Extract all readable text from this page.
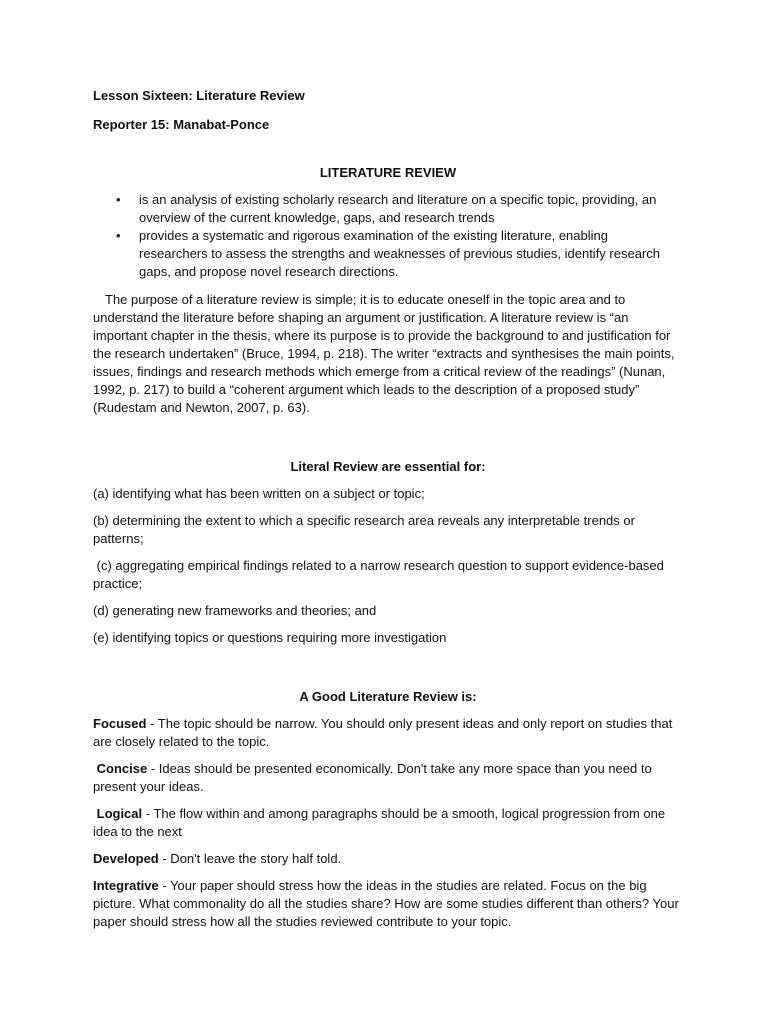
Lesson Sixteen: Literature Review
Reporter 15: Manabat-Ponce
LITERATURE REVIEW
• is an analysis of existing scholarly research and literature on a specific topic, providing, an overview of the current knowledge, gaps, and research trends
• provides a systematic and rigorous examination of the existing literature, enabling researchers to assess the strengths and weaknesses of previous studies, identify research gaps, and propose novel research directions.

The purpose of a literature review is simple; it is to educate oneself in the topic area and to understand the literature before shaping an argument or justification. A literature review is “an important chapter in the thesis, where its purpose is to provide the background to and justification for the research undertaken” (Bruce, 1994, p. 218). The writer “extracts and synthesises the main points, issues, findings and research methods which emerge from a critical review of the readings” (Nunan, 1992, p. 217) to build a “coherent argument which leads to the description of a proposed study” (Rudestam and Newton, 2007, p. 63).

Literal Review are essential for:
(a) identifying what has been written on a subject or topic;
(b) determining the extent to which a specific research area reveals any interpretable trends or patterns;
(c) aggregating empirical findings related to a narrow research question to support evidence-based practice;
(d) generating new frameworks and theories; and
(e) identifying topics or questions requiring more investigation
A Good Literature Review is:
Focused - The topic should be narrow. You should only present ideas and only report on studies that are closely related to the topic.
Concise - Ideas should be presented economically. Don't take any more space than you need to present your ideas.
Logical - The flow within and among paragraphs should be a smooth, logical progression from one idea to the next
Developed - Don't leave the story half told.
Integrative - Your paper should stress how the ideas in the studies are related. Focus on the big picture. What commonality do all the studies share? How are some studies different than others? Your paper should stress how all the studies reviewed contribute to your topic.
